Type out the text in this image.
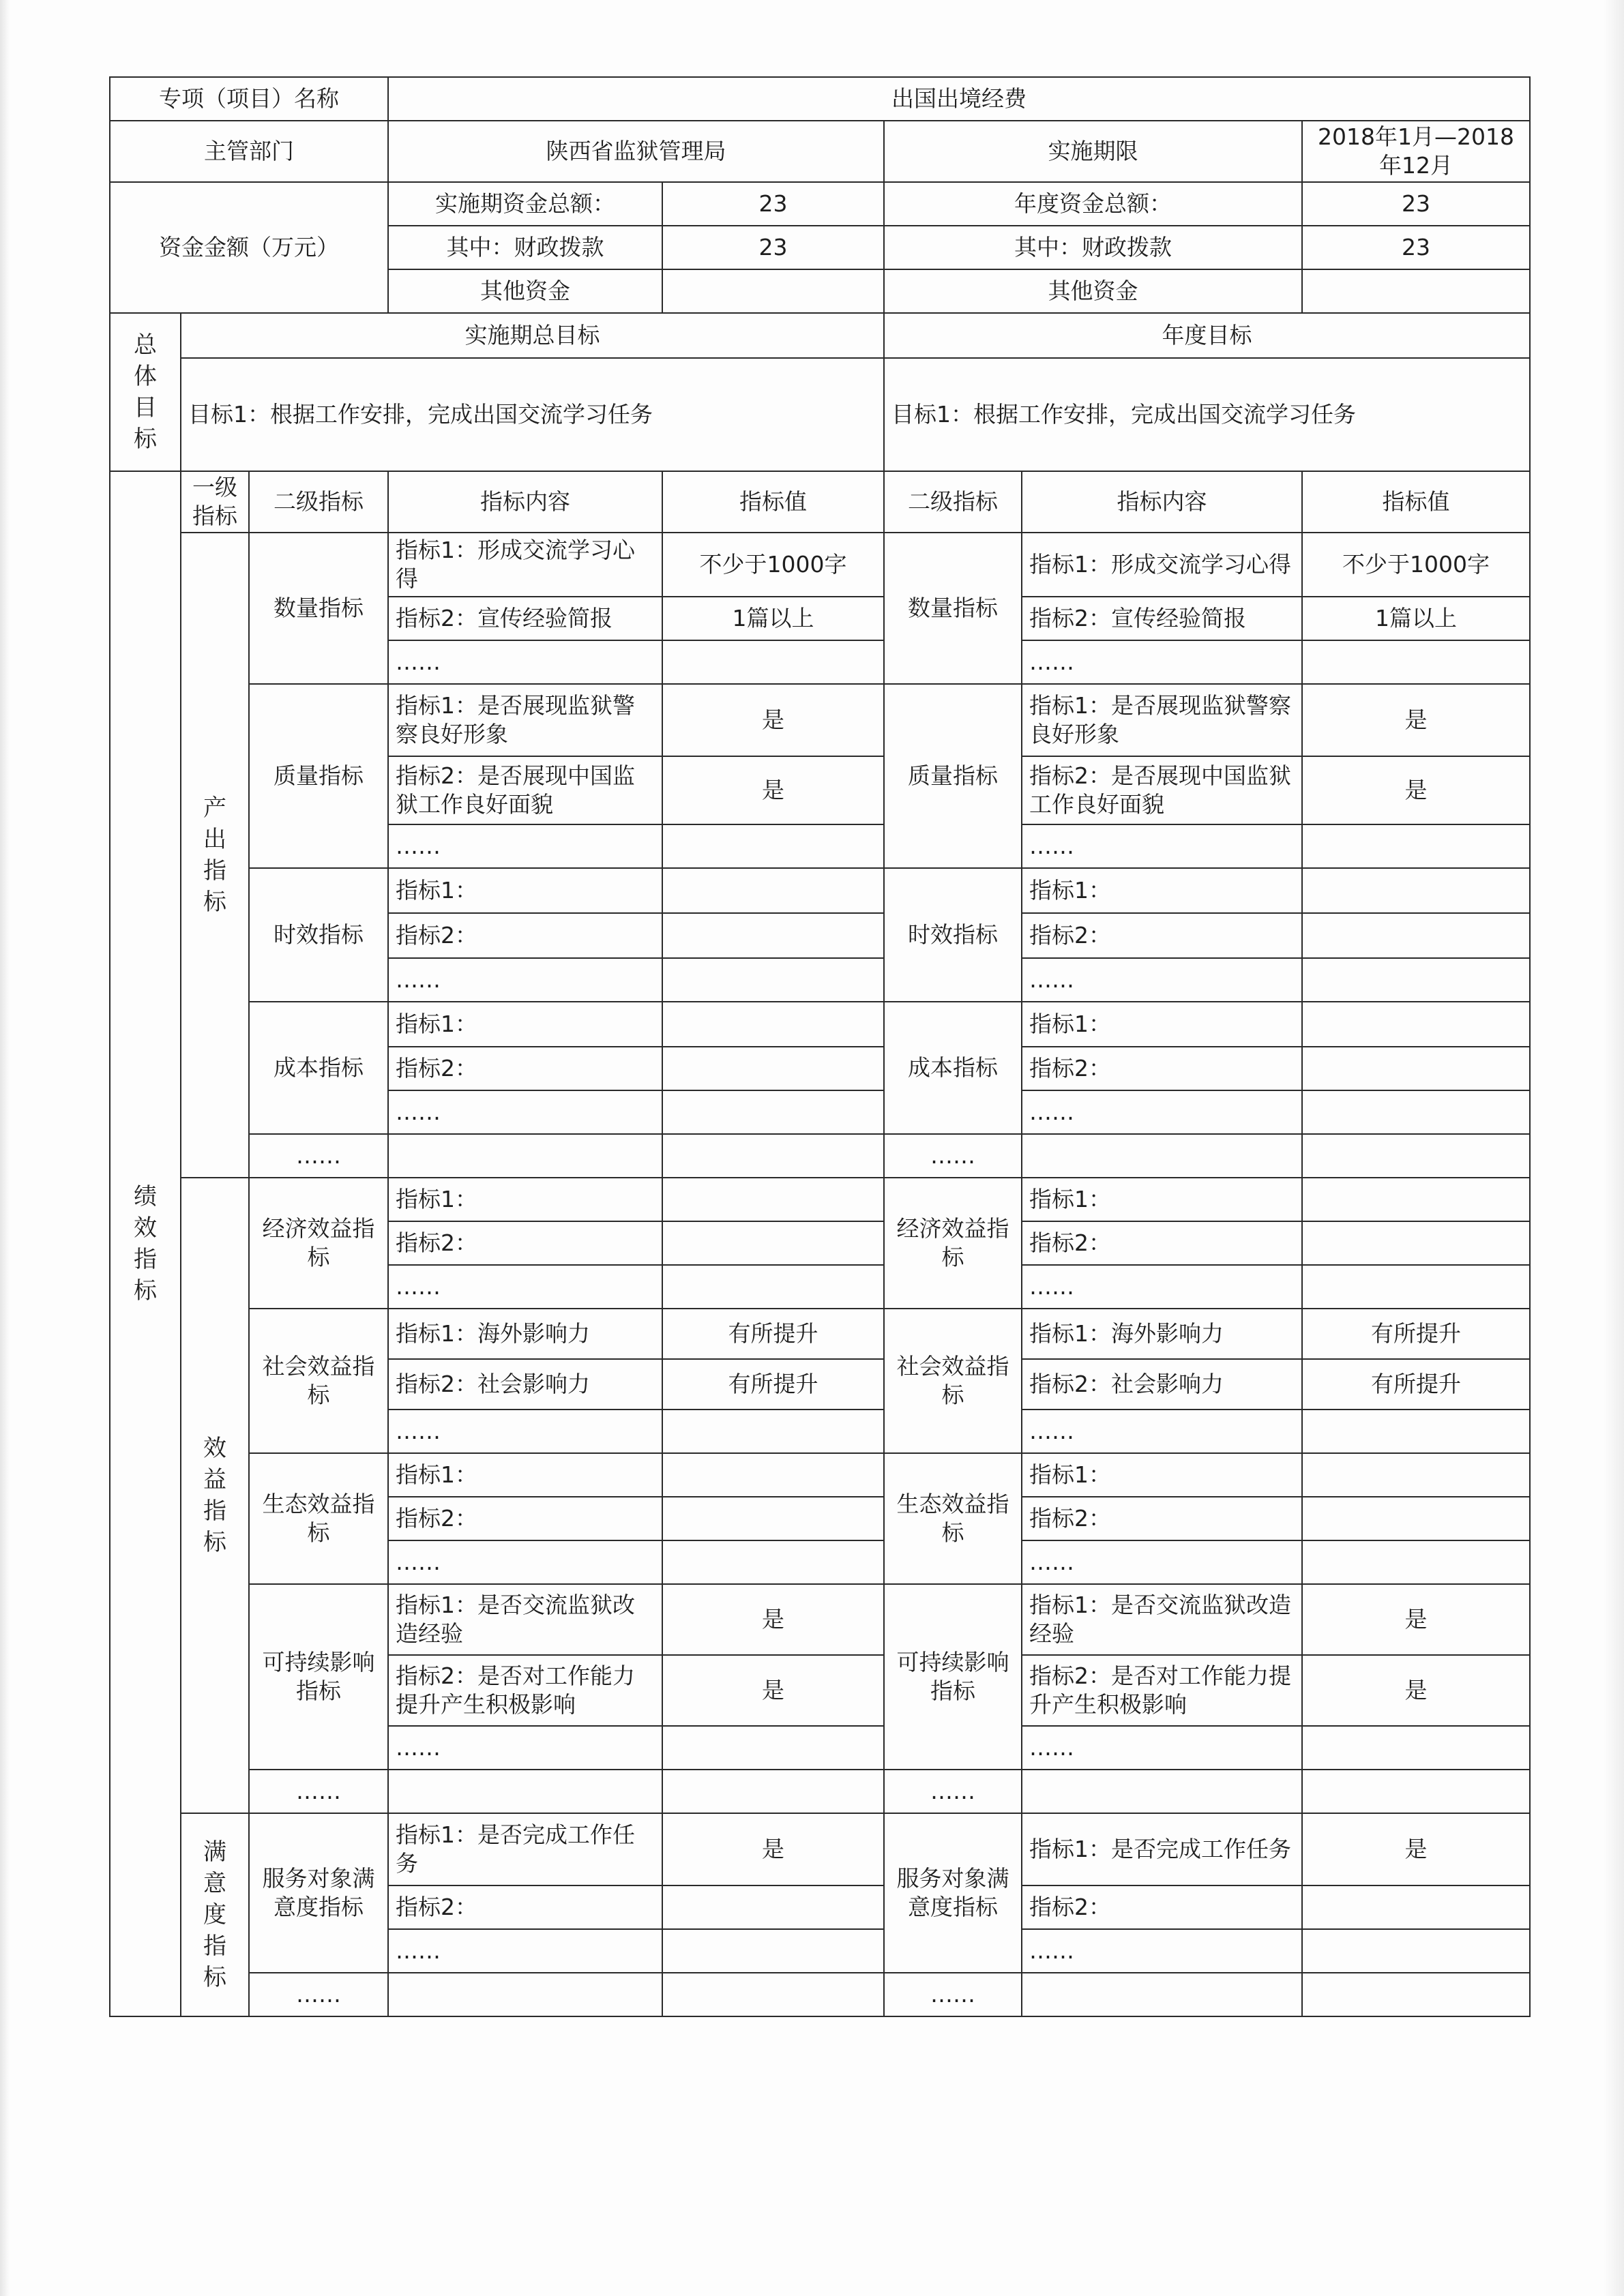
专项（项目）名称			出国出境经费				
主管部门			陕西省监狱管理局		实施期限		2018年1月—2018年12月
资金金额（万元）			实施期资金总额：	23	年度资金总额：		23
			其中：财政拨款	23	其中：财政拨款		23
			其他资金		其他资金		

总体目标	实施期总目标				年度目标		
	目标1：根据工作安排，完成出国交流学习任务				目标1：根据工作安排，完成出国交流学习任务		

绩效指标	一级指标	二级指标	指标内容	指标值	二级指标	指标内容	指标值

	产出指标	数量指标	指标1：形成交流学习心得	不少于1000字	数量指标	指标1：形成交流学习心得	不少于1000字
			指标2：宣传经验简报	1篇以上		指标2：宣传经验简报	1篇以上
			……			……	
		质量指标	指标1：是否展现监狱警察良好形象	是	质量指标	指标1：是否展现监狱警察良好形象	是
			指标2：是否展现中国监狱工作良好面貌	是		指标2：是否展现中国监狱工作良好面貌	是
			……			……	
		时效指标	指标1：		时效指标	指标1：	
			指标2：			指标2：	
			……			……	
		成本指标	指标1：		成本指标	指标1：	
			指标2：			指标2：	
			……			……	
		……			……		

	效益指标	经济效益指标	指标1：		经济效益指标	指标1：	
			指标2：			指标2：	
			……			……	
		社会效益指标	指标1：海外影响力	有所提升	社会效益指标	指标1：海外影响力	有所提升
			指标2：社会影响力	有所提升		指标2：社会影响力	有所提升
			……			……	
		生态效益指标	指标1：		生态效益指标	指标1：	
			指标2：			指标2：	
			……			……	
		可持续影响指标	指标1：是否交流监狱改造经验	是	可持续影响指标	指标1：是否交流监狱改造经验	是
			指标2：是否对工作能力提升产生积极影响	是		指标2：是否对工作能力提升产生积极影响	是
			……			……	
		……			……		

	满意度指标	服务对象满意度指标	指标1：是否完成工作任务	是	服务对象满意度指标	指标1：是否完成工作任务	是
			指标2：			指标2：	
			……			……	
		……			……		
